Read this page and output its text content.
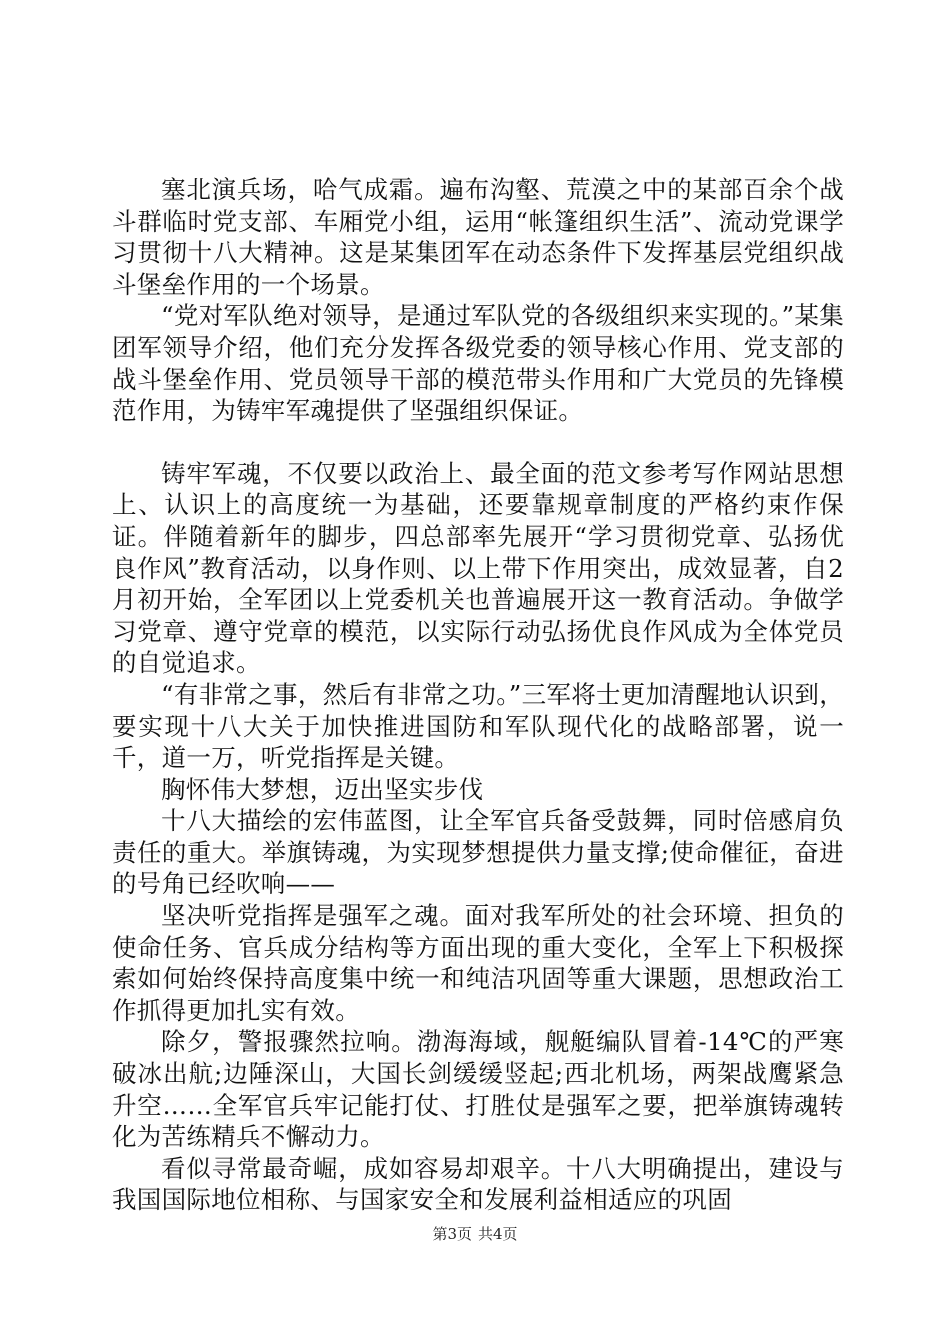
塞北演兵场，哈气成霜。遍布沟壑、荒漠之中的某部百余个战斗群临时党支部、车厢党小组，运用“帐篷组织生活”、流动党课学习贯彻十八大精神。这是某集团军在动态条件下发挥基层党组织战斗堡垒作用的一个场景。

“党对军队绝对领导，是通过军队党的各级组织来实现的。”某集团军领导介绍，他们充分发挥各级党委的领导核心作用、党支部的战斗堡垒作用、党员领导干部的模范带头作用和广大党员的先锋模范作用，为铸牢军魂提供了坚强组织保证。

铸牢军魂，不仅要以政治上、最全面的范文参考写作网站思想上、认识上的高度统一为基础，还要靠规章制度的严格约束作保证。伴随着新年的脚步，四总部率先展开“学习贯彻党章、弘扬优良作风”教育活动，以身作则、以上带下作用突出，成效显著，自2月初开始，全军团以上党委机关也普遍展开这一教育活动。争做学习党章、遵守党章的模范，以实际行动弘扬优良作风成为全体党员的自觉追求。

“有非常之事，然后有非常之功。”三军将士更加清醒地认识到，要实现十八大关于加快推进国防和军队现代化的战略部署，说一千，道一万，听党指挥是关键。

胸怀伟大梦想，迈出坚实步伐

十八大描绘的宏伟蓝图，让全军官兵备受鼓舞，同时倍感肩负责任的重大。举旗铸魂，为实现梦想提供力量支撑;使命催征，奋进的号角已经吹响——

坚决听党指挥是强军之魂。面对我军所处的社会环境、担负的使命任务、官兵成分结构等方面出现的重大变化，全军上下积极探索如何始终保持高度集中统一和纯洁巩固等重大课题，思想政治工作抓得更加扎实有效。

除夕，警报骤然拉响。渤海海域，舰艇编队冒着-14℃的严寒破冰出航;边陲深山，大国长剑缓缓竖起;西北机场，两架战鹰紧急升空……全军官兵牢记能打仗、打胜仗是强军之要，把举旗铸魂转化为苦练精兵不懈动力。

看似寻常最奇崛，成如容易却艰辛。十八大明确提出，建设与我国国际地位相称、与国家安全和发展利益相适应的巩固

第3页 共4页
